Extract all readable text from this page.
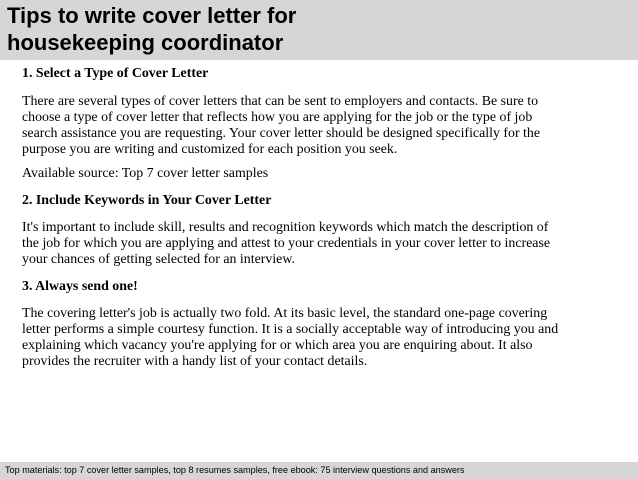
Tips to write cover letter for
housekeeping coordinator

1. Select a Type of Cover Letter

There are several types of cover letters that can be sent to employers and contacts. Be sure to
choose a type of cover letter that reflects how you are applying for the job or the type of job
search assistance you are requesting. Your cover letter should be designed specifically for the
purpose you are writing and customized for each position you seek.

Available source: Top 7 cover letter samples

2. Include Keywords in Your Cover Letter

It's important to include skill, results and recognition keywords which match the description of
the job for which you are applying and attest to your credentials in your cover letter to increase
your chances of getting selected for an interview.

3. Always send one!

The covering letter's job is actually two fold. At its basic level, the standard one-page covering
letter performs a simple courtesy function. It is a socially acceptable way of introducing you and
explaining which vacancy you're applying for or which area you are enquiring about. It also
provides the recruiter with a handy list of your contact details.

Top materials: top 7 cover letter samples, top 8 resumes samples, free ebook: 75 interview questions and answers
